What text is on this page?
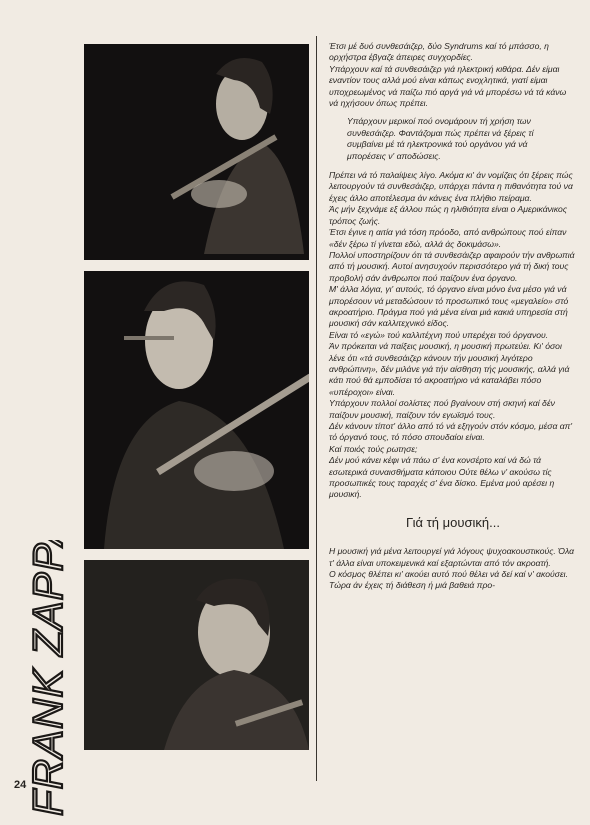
FRANK ZAPPA

Έτσι μέ δυό συνθεσάιζερ, δύο Syndrums καί τό μπάσσο, η ορχήστρα έβγαζε άπειρες συγχορδίες.

Υπάρχουν καί τά συνθεσάιζερ γιά ηλεκτρική κιθάρα. Δέν είμαι εναντίον τους αλλά μού είναι κάπως ενοχλητικά, γιατί είμαι υποχρεωμένος νά παίζω πιό αργά γιά νά μπορέσω νά τά κάνω νά ηχήσουν όπως πρέπει.

Υπάρχουν μερικοί πού ονομάρουν τή χρήση των συνθεσάιζερ. Φαντάζομαι πώς πρέπει νά ξέρεις τί συμβαίνει μέ τά ηλεκτρονικά τού οργάνου γιά νά μπορέσεις ν' αποδώσεις.

Πρέπει νά τό παλαίψεις λίγο. Ακόμα κι' άν νομίζεις ότι ξέρεις πώς λειτουργούν τά συνθεσάιζερ, υπάρχει πάντα η πιθανότητα τού να έχεις άλλο αποτέλεσμα άν κάνεις ένα πλήθιο πείραμα.

Άς μήν ξεχνάμε εξ άλλου πώς η ηλιθιότητα είναι ο Αμερικάνικος τρόπος ζωής.

Έτσι έγινε η αιτία γιά τόση πρόοδο, από ανθρώπους πού είπαν «δέν ξέρω τί γίνεται εδώ, αλλά άς δοκιμάσω».

Πολλοί υποστηρίζουν ότι τά συνθεσάιζερ αφαιρούν τήν ανθρωπιά από τή μουσική. Αυτοί ανησυχούν περισσότερο γιά τή δική τους προβολή σάν άνθρωποι πού παίζουν ένα όργανο.

Μ' άλλα λόγια, γι' αυτούς, τό όργανο είναι μόνο ένα μέσο γιά νά μπορέσουν νά μεταδώσουν τό προσωπικό τους «μεγαλείο» στό ακροατήριο. Πράγμα πού γιά μένα είναι μιά κακιά υπηρεσία στή μουσική σάν καλλιτεχνικό είδος.

Είναι τό «εγώ» τού καλλιτέχνη πού υπερέχει τού όργανου.

Άν πρόκειται νά παίξεις μουσική, η μουσική πρωτεύει. Κι' όσοι λένε ότι «τά συνθεσάιζερ κάνουν τήν μουσική λιγότερο ανθρώπινη», δέν μιλάνε γιά τήν αίσθηση τής μουσικής, αλλά γιά κάτι πού θά εμποδίσει τό ακροατήριο νά καταλάβει πόσο «υπέροχοι» είναι.

Υπάρχουν πολλοί σολίστες πού βγαίνουν στή σκηνή καί δέν παίζουν μουσική, παίζουν τόν εγωϊσμό τους.

Δέν κάνουν τίποτ' άλλο από τό νά εξηγούν στόν κόσμο, μέσα απ' τό όργανό τους, τό πόσο σπουδαίοι είναι.

Καί ποιός τούς ρωτησε;

Δέν μού κάνει κέφι νά πάω σ' ένα κονσέρτο καί νά δώ τά εσωτερικά συναισθήματα κάποιου Ούτε θέλω ν' ακούσω τίς προσωπικές τους ταραχές σ' ένα δίσκο. Εμένα μού αρέσει η μουσική.

Γιά τή μουσική...

Η μουσική γιά μένα λειτουργεί γιά λόγους ψυχοακουστικούς. Όλα τ' άλλα είναι υποκειμενικά καί εξαρτώνται από τόν ακροατή.

Ο κόσμος θλέπει κι' ακούει αυτό πού θέλει νά δεί καί ν' ακούσει.

Τώρα άν έχεις τή διάθεση ή μιά βαθειά προ-

24
